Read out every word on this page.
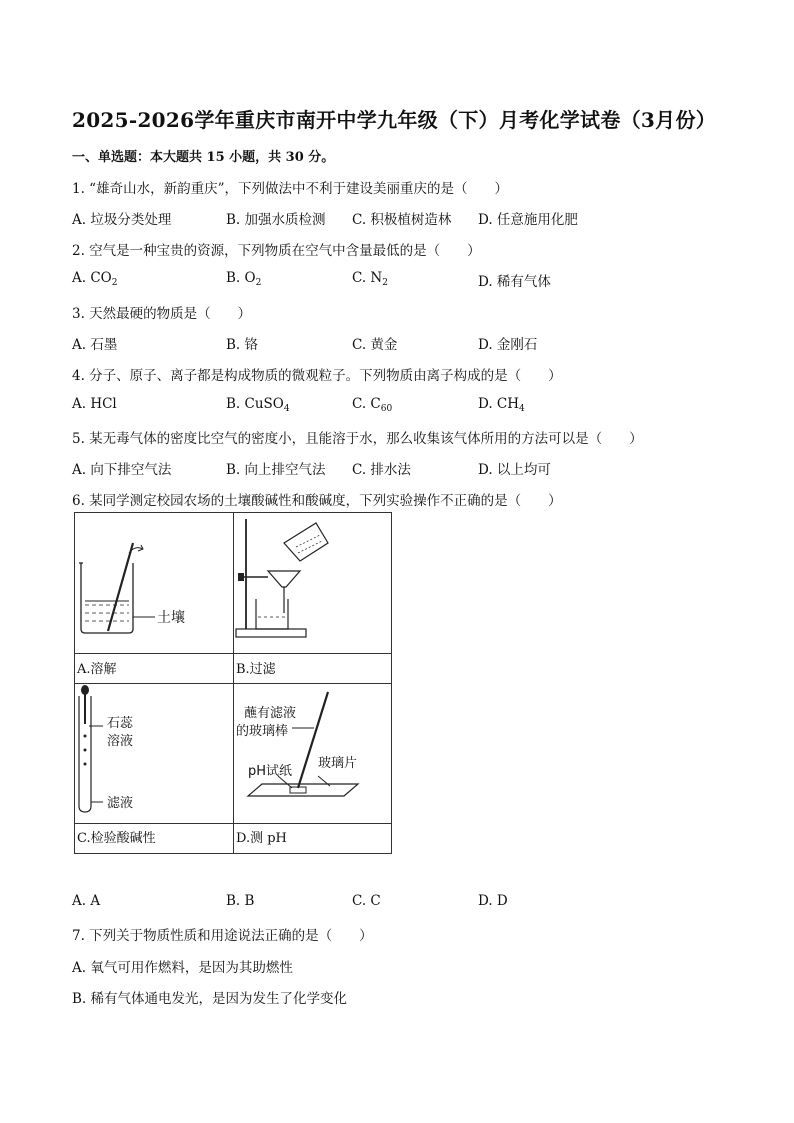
2025-2026学年重庆市南开中学九年级（下）月考化学试卷（3月份）
一、单选题：本大题共 15 小题，共 30 分。
1. “雄奇山水，新韵重庆”，下列做法中不利于建设美丽重庆的是（　　）
A. 垃圾分类处理	B. 加强水质检测 C. 积极植树造林 D. 任意施用化肥
2. 空气是一种宝贵的资源，下列物质在空气中含量最低的是（　　）
A. $CO_2$	B. $O_2$	C. $N_2$	D. 稀有气体
3. 天然最硬的物质是（　　）
A. 石墨	B. 铬	C. 黄金	D. 金刚石
4. 分子、原子、离子都是构成物质的微观粒子。下列物质由离子构成的是（　　）
A. HCl	B. CuSO$_4$	C. $C_{60}$	D. $CH_4$
5. 某无毒气体的密度比空气的密度小，且能溶于水，那么收集该气体所用的方法可以是（　　）
A. 向下排空气法	B. 向上排空气法 C. 排水法	D. 以上均可
6. 某同学测定校园农场的土壤酸碱性和酸碱度，下列实验操作不正确的是（　　）
土壤
A.溶解	B.过滤
石蕊
溶液
滤液
C.检验酸碱性
蘸有滤液
的玻璃棒
pH试纸
玻璃片
D.测 pH
A. A	B. B	C. C	D. D
7. 下列关于物质性质和用途说法正确的是（　　）
A. 氧气可用作燃料，是因为其助燃性
B. 稀有气体通电发光，是因为发生了化学变化
